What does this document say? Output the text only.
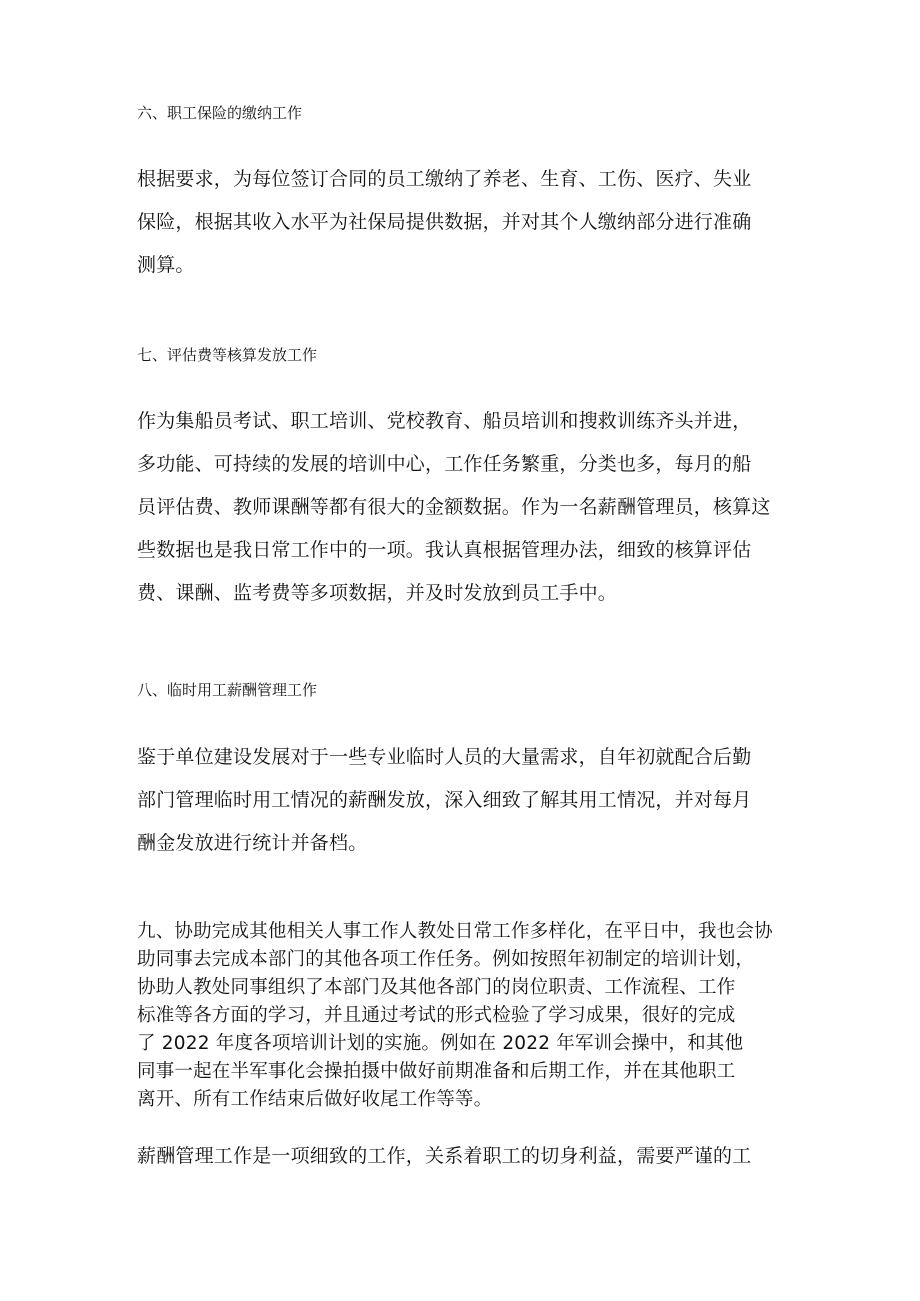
六、职工保险的缴纳工作
根据要求，为每位签订合同的员工缴纳了养老、生育、工伤、医疗、失业
保险，根据其收入水平为社保局提供数据，并对其个人缴纳部分进行准确
测算。
七、评估费等核算发放工作
作为集船员考试、职工培训、党校教育、船员培训和搜救训练齐头并进，
多功能、可持续的发展的培训中心，工作任务繁重，分类也多，每月的船
员评估费、教师课酬等都有很大的金额数据。作为一名薪酬管理员，核算这
些数据也是我日常工作中的一项。我认真根据管理办法，细致的核算评估
费、课酬、监考费等多项数据，并及时发放到员工手中。
八、临时用工薪酬管理工作
鉴于单位建设发展对于一些专业临时人员的大量需求，自年初就配合后勤
部门管理临时用工情况的薪酬发放，深入细致了解其用工情况，并对每月
酬金发放进行统计并备档。
九、协助完成其他相关人事工作人教处日常工作多样化，在平日中，我也会协
助同事去完成本部门的其他各项工作任务。例如按照年初制定的培训计划，
协助人教处同事组织了本部门及其他各部门的岗位职责、工作流程、工作
标准等各方面的学习，并且通过考试的形式检验了学习成果，很好的完成
了 2022 年度各项培训计划的实施。例如在 2022 年军训会操中，和其他
同事一起在半军事化会操拍摄中做好前期准备和后期工作，并在其他职工
离开、所有工作结束后做好收尾工作等等。
薪酬管理工作是一项细致的工作，关系着职工的切身利益，需要严谨的工
